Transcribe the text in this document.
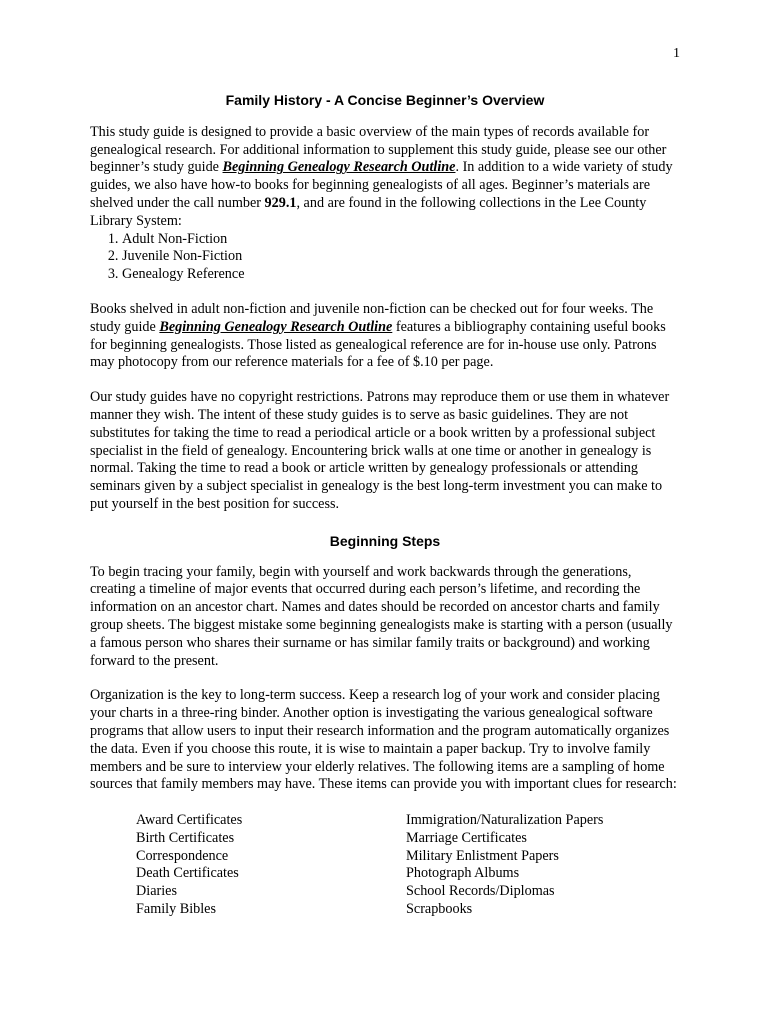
1
Family History - A Concise Beginner’s Overview

This study guide is designed to provide a basic overview of the main types of records available for genealogical research. For additional information to supplement this study guide, please see our other beginner’s study guide Beginning Genealogy Research Outline. In addition to a wide variety of study guides, we also have how-to books for beginning genealogists of all ages. Beginner’s materials are shelved under the call number 929.1, and are found in the following collections in the Lee County Library System:

1. Adult Non-Fiction
2. Juvenile Non-Fiction
3. Genealogy Reference

Books shelved in adult non-fiction and juvenile non-fiction can be checked out for four weeks. The study guide Beginning Genealogy Research Outline features a bibliography containing useful books for beginning genealogists. Those listed as genealogical reference are for in-house use only. Patrons may photocopy from our reference materials for a fee of $.10 per page.

Our study guides have no copyright restrictions. Patrons may reproduce them or use them in whatever manner they wish. The intent of these study guides is to serve as basic guidelines. They are not substitutes for taking the time to read a periodical article or a book written by a professional subject specialist in the field of genealogy. Encountering brick walls at one time or another in genealogy is normal. Taking the time to read a book or article written by genealogy professionals or attending seminars given by a subject specialist in genealogy is the best long-term investment you can make to put yourself in the best position for success.

Beginning Steps

To begin tracing your family, begin with yourself and work backwards through the generations, creating a timeline of major events that occurred during each person’s lifetime, and recording the information on an ancestor chart. Names and dates should be recorded on ancestor charts and family group sheets. The biggest mistake some beginning genealogists make is starting with a person (usually a famous person who shares their surname or has similar family traits or background) and working forward to the present.

Organization is the key to long-term success. Keep a research log of your work and consider placing your charts in a three-ring binder. Another option is investigating the various genealogical software programs that allow users to input their research information and the program automatically organizes the data. Even if you choose this route, it is wise to maintain a paper backup. Try to involve family members and be sure to interview your elderly relatives. The following items are a sampling of home sources that family members may have. These items can provide you with important clues for research:

Award Certificates	Immigration/Naturalization Papers
Birth Certificates	Marriage Certificates
Correspondence	Military Enlistment Papers
Death Certificates	Photograph Albums
Diaries	School Records/Diplomas
Family Bibles	Scrapbooks
